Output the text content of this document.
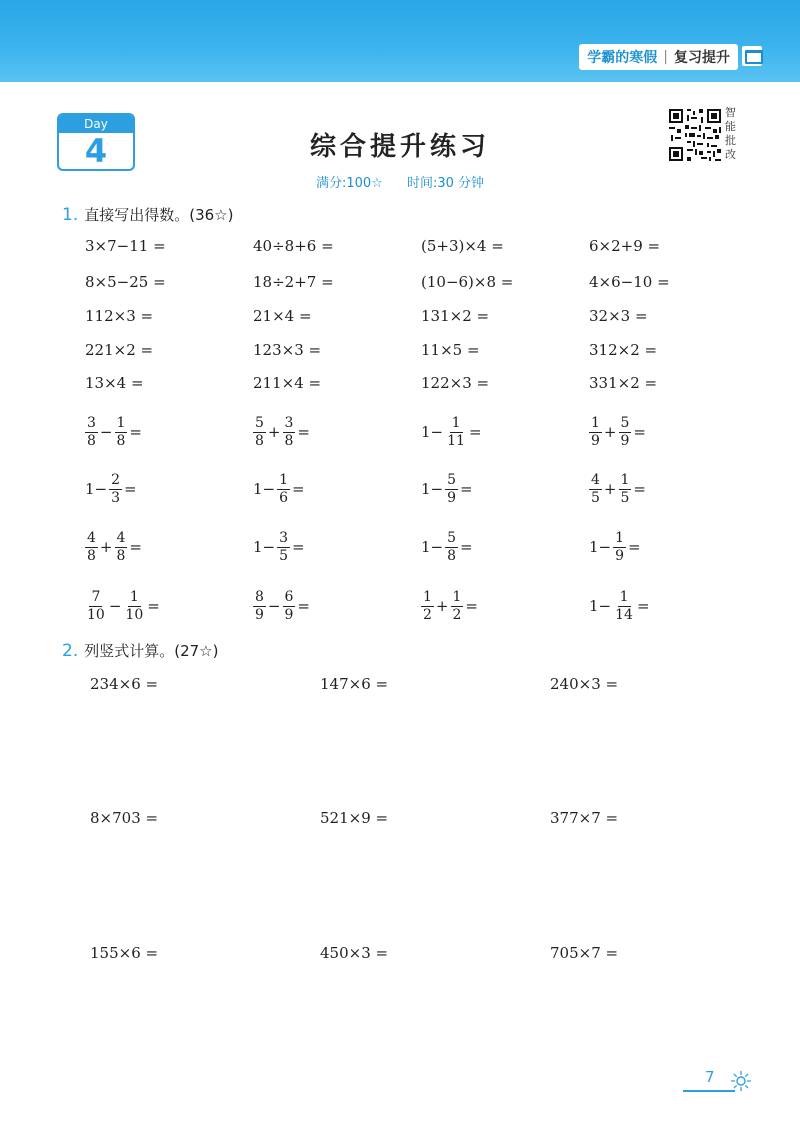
学霸的寒假 | 复习提升
Day
4	综合提升练习
满分:100☆ 时间:30 分钟
智能批改
1. 直接写出得数。(36☆)
3×7−11 =	40÷8+6 =	(5+3)×4 =	6×2+9 =
8×5−25 =	18÷2+7 =	(10−6)×8 =	4×6−10 =
112×3 =	21×4 =	131×2 =	32×3 =
221×2 =	123×3 =	11×5 =	312×2 =
13×4 =	211×4 =	122×3 =	331×2 =
$\frac{3}{8} - \frac{1}{8}$ =	$\frac{5}{8} + \frac{3}{8}$ =	$1- \frac{1}{11}$ =	$\frac{1}{9} + \frac{5}{9}$ =
$1- \frac{2}{3}$ =	$1- \frac{1}{6}$ =	$1- \frac{5}{9}$ =	$\frac{4}{5} + \frac{1}{5}$ =
$\frac{4}{8} + \frac{4}{8}$ =	$1- \frac{3}{5}$ =	$1- \frac{5}{8}$ =	$1- \frac{1}{9}$ =
$\frac{7}{10} - \frac{1}{10}$ =	$\frac{8}{9} - \frac{6}{9}$ =	$\frac{1}{2} + \frac{1}{2}$ =	$1- \frac{1}{14}$ =
2. 列竖式计算。(27☆)
234×6 =	147×6 =	240×3 =
8×703 =	521×9 =	377×7 =
155×6 =	450×3 =	705×7 =
7
